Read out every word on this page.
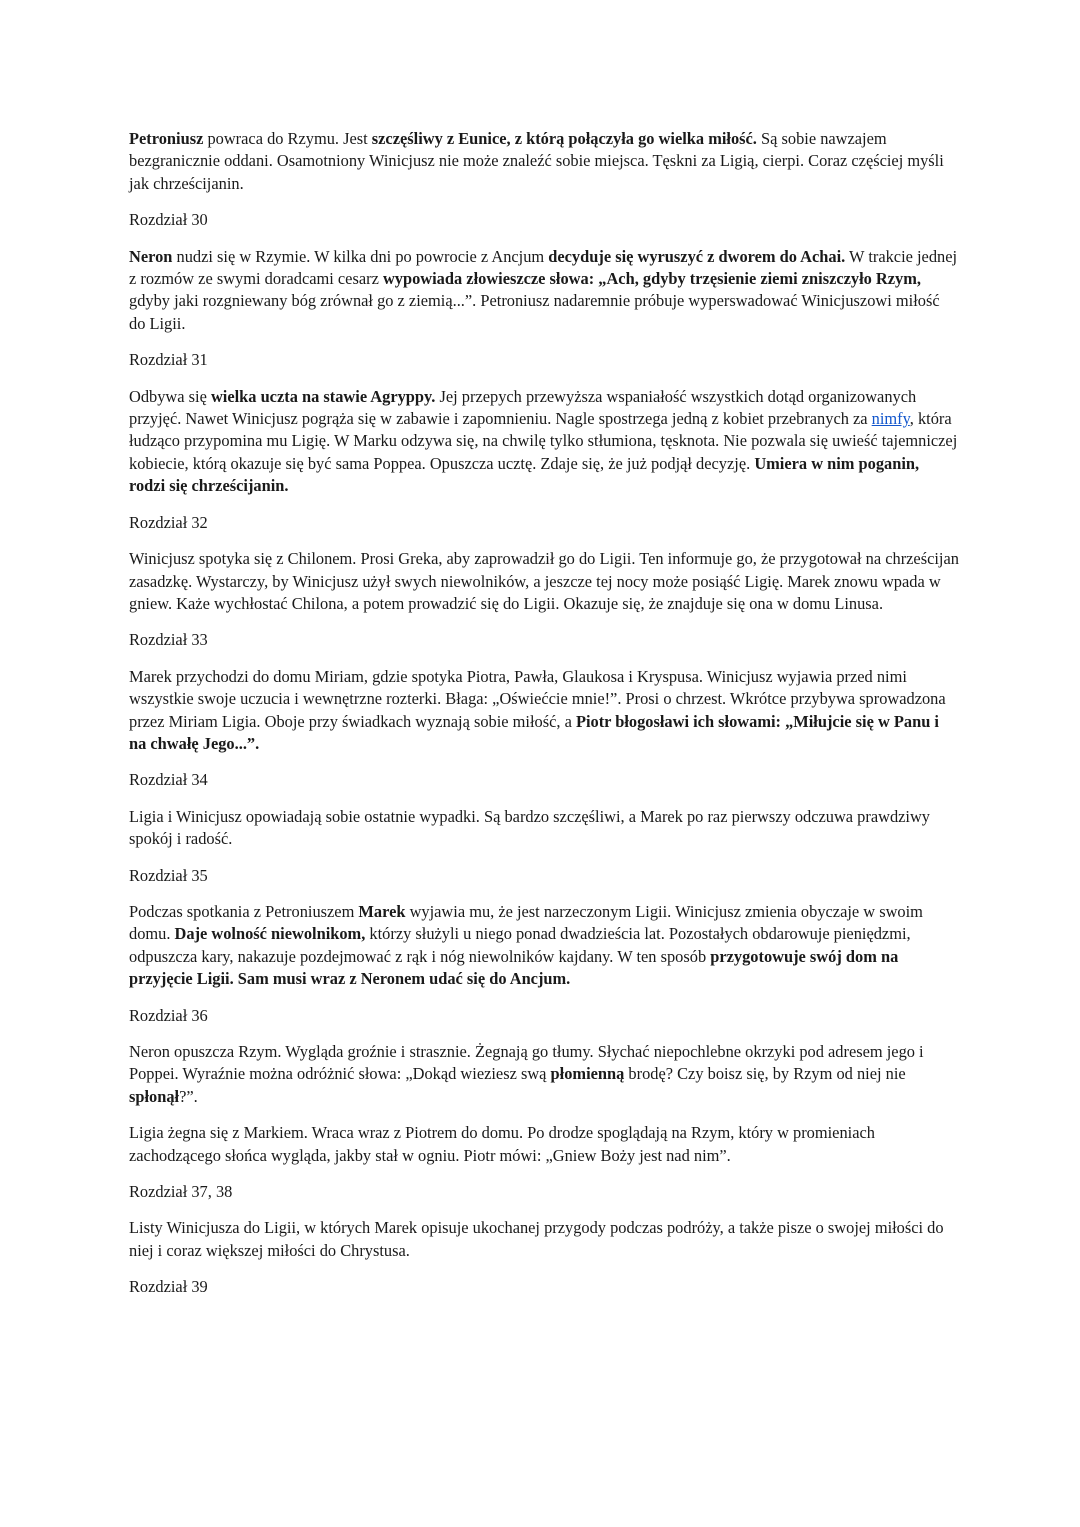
Petroniusz powraca do Rzymu. Jest szczęśliwy z Eunice, z którą połączyła go wielka miłość. Są sobie nawzajem bezgranicznie oddani. Osamotniony Winicjusz nie może znaleźć sobie miejsca. Tęskni za Ligią, cierpi. Coraz częściej myśli jak chrześcijanin.

Rozdział 30

Neron nudzi się w Rzymie. W kilka dni po powrocie z Ancjum decyduje się wyruszyć z dworem do Achai. W trakcie jednej z rozmów ze swymi doradcami cesarz wypowiada złowieszcze słowa: „Ach, gdyby trzęsienie ziemi zniszczyło Rzym, gdyby jaki rozgniewany bóg zrównał go z ziemią...”. Petroniusz nadaremnie próbuje wyperswadować Winicjuszowi miłość do Ligii.

Rozdział 31

Odbywa się wielka uczta na stawie Agryppy. Jej przepych przewyższa wspaniałość wszystkich dotąd organizowanych przyjęć. Nawet Winicjusz pogrąża się w zabawie i zapomnieniu. Nagle spostrzega jedną z kobiet przebranych za nimfy, która łudząco przypomina mu Ligię. W Marku odzywa się, na chwilę tylko stłumiona, tęsknota. Nie pozwala się uwieść tajemniczej kobiecie, którą okazuje się być sama Poppea. Opuszcza ucztę. Zdaje się, że już podjął decyzję. Umiera w nim poganin, rodzi się chrześcijanin.

Rozdział 32

Winicjusz spotyka się z Chilonem. Prosi Greka, aby zaprowadził go do Ligii. Ten informuje go, że przygotował na chrześcijan zasadzkę. Wystarczy, by Winicjusz użył swych niewolników, a jeszcze tej nocy może posiąść Ligię. Marek znowu wpada w gniew. Każe wychłostać Chilona, a potem prowadzić się do Ligii. Okazuje się, że znajduje się ona w domu Linusa.

Rozdział 33

Marek przychodzi do domu Miriam, gdzie spotyka Piotra, Pawła, Glaukosa i Kryspusa. Winicjusz wyjawia przed nimi wszystkie swoje uczucia i wewnętrzne rozterki. Błaga: „Oświećcie mnie!”. Prosi o chrzest. Wkrótce przybywa sprowadzona przez Miriam Ligia. Oboje przy świadkach wyznają sobie miłość, a Piotr błogosławi ich słowami: „Miłujcie się w Panu i na chwałę Jego...”.

Rozdział 34

Ligia i Winicjusz opowiadają sobie ostatnie wypadki. Są bardzo szczęśliwi, a Marek po raz pierwszy odczuwa prawdziwy spokój i radość.

Rozdział 35

Podczas spotkania z Petroniuszem Marek wyjawia mu, że jest narzeczonym Ligii. Winicjusz zmienia obyczaje w swoim domu. Daje wolność niewolnikom, którzy służyli u niego ponad dwadzieścia lat. Pozostałych obdarowuje pieniędzmi, odpuszcza kary, nakazuje pozdejmować z rąk i nóg niewolników kajdany. W ten sposób przygotowuje swój dom na przyjęcie Ligii. Sam musi wraz z Neronem udać się do Ancjum.

Rozdział 36

Neron opuszcza Rzym. Wygląda groźnie i strasznie. Żegnają go tłumy. Słychać niepochlebne okrzyki pod adresem jego i Poppei. Wyraźnie można odróżnić słowa: „Dokąd wieziesz swą płomienną brodę? Czy boisz się, by Rzym od niej nie spłonął?”.

Ligia żegna się z Markiem. Wraca wraz z Piotrem do domu. Po drodze spoglądają na Rzym, który w promieniach zachodzącego słońca wygląda, jakby stał w ogniu. Piotr mówi: „Gniew Boży jest nad nim”.

Rozdział 37, 38

Listy Winicjusza do Ligii, w których Marek opisuje ukochanej przygody podczas podróży, a także pisze o swojej miłości do niej i coraz większej miłości do Chrystusa.

Rozdział 39
